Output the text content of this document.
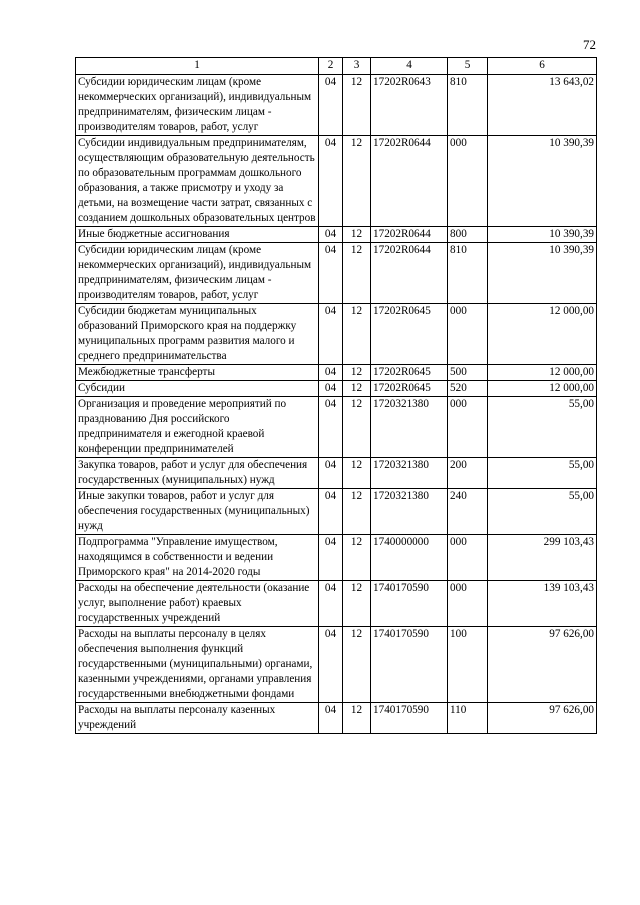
72
1	2	3	4	5	6
Субсидии юридическим лицам (кроме некоммерческих организаций), индивидуальным предпринимателям, физическим лицам - производителям товаров, работ, услуг	04	12	17202R0643	810	13 643,02
Субсидии индивидуальным предпринимателям, осуществляющим образовательную деятельность по образовательным программам дошкольного образования, а также присмотру и уходу за детьми, на возмещение части затрат, связанных с созданием дошкольных образовательных центров	04	12	17202R0644	000	10 390,39
Иные бюджетные ассигнования	04	12	17202R0644	800	10 390,39
Субсидии юридическим лицам (кроме некоммерческих организаций), индивидуальным предпринимателям, физическим лицам - производителям товаров, работ, услуг	04	12	17202R0644	810	10 390,39
Субсидии бюджетам муниципальных образований Приморского края на поддержку муниципальных программ развития малого и среднего предпринимательства	04	12	17202R0645	000	12 000,00
Межбюджетные трансферты	04	12	17202R0645	500	12 000,00
Субсидии	04	12	17202R0645	520	12 000,00
Организация и проведение мероприятий по празднованию Дня российского предпринимателя и ежегодной краевой конференции предпринимателей	04	12	1720321380	000	55,00
Закупка товаров, работ и услуг для обеспечения государственных (муниципальных) нужд	04	12	1720321380	200	55,00
Иные закупки товаров, работ и услуг для обеспечения государственных (муниципальных) нужд	04	12	1720321380	240	55,00
Подпрограмма "Управление имуществом, находящимся в собственности и ведении Приморского края" на 2014-2020 годы	04	12	1740000000	000	299 103,43
Расходы на обеспечение деятельности (оказание услуг, выполнение работ) краевых государственных учреждений	04	12	1740170590	000	139 103,43
Расходы на выплаты персоналу в целях обеспечения выполнения функций государственными (муниципальными) органами, казенными учреждениями, органами управления государственными внебюджетными фондами	04	12	1740170590	100	97 626,00
Расходы на выплаты персоналу казенных учреждений	04	12	1740170590	110	97 626,00
